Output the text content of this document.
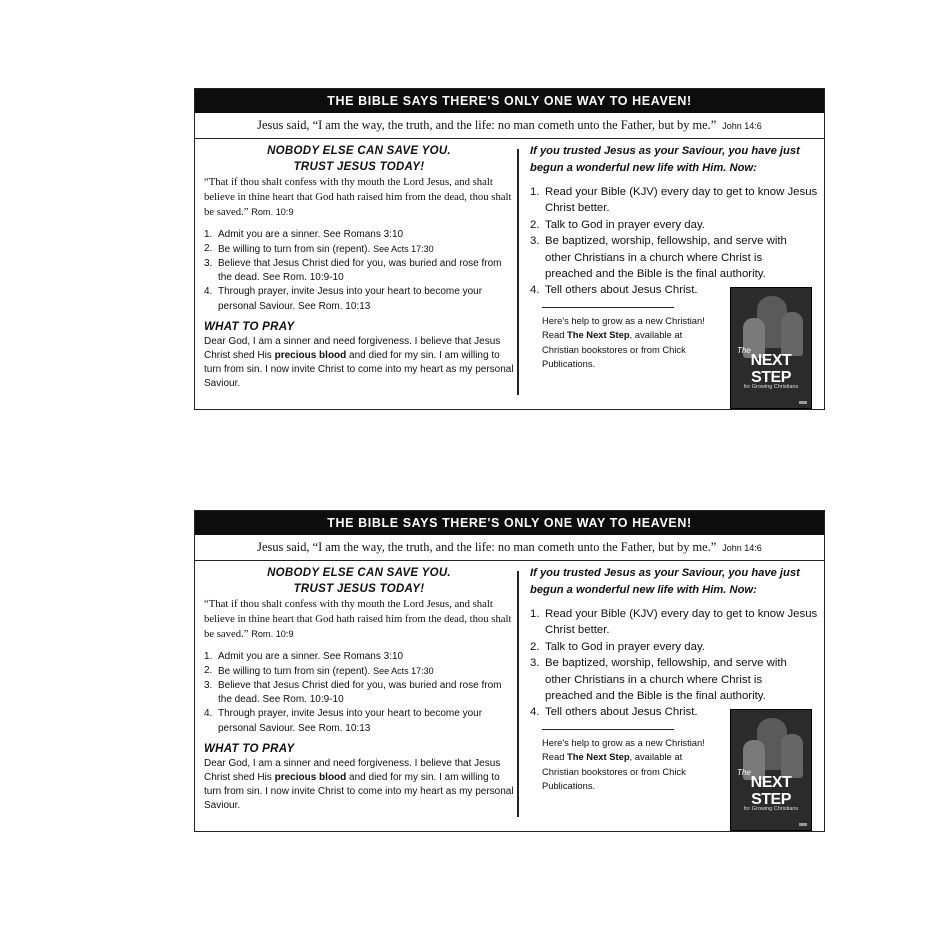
THE BIBLE SAYS THERE'S ONLY ONE WAY TO HEAVEN!
Jesus said, “I am the way, the truth, and the life: no man cometh unto the Father, but by me.” John 14:6
NOBODY ELSE CAN SAVE YOU.
TRUST JESUS TODAY!
“That if thou shalt confess with thy mouth the Lord Jesus, and shalt believe in thine heart that God hath raised him from the dead, thou shalt be saved.” Rom. 10:9
1. Admit you are a sinner. See Romans 3:10
2. Be willing to turn from sin (repent). See Acts 17:30
3. Believe that Jesus Christ died for you, was buried and rose from the dead. See Rom. 10:9-10
4. Through prayer, invite Jesus into your heart to become your personal Saviour. See Rom. 10:13
WHAT TO PRAY
Dear God, I am a sinner and need forgiveness. I believe that Jesus Christ shed His precious blood and died for my sin. I am willing to turn from sin. I now invite Christ to come into my heart as my personal Saviour.
If you trusted Jesus as your Saviour, you have just begun a wonderful new life with Him. Now:
1. Read your Bible (KJV) every day to get to know Jesus Christ better.
2. Talk to God in prayer every day.
3. Be baptized, worship, fellowship, and serve with other Christians in a church where Christ is preached and the Bible is the final authority.
4. Tell others about Jesus Christ.
Here's help to grow as a new Christian! Read The Next Step, available at Christian bookstores or from Chick Publications.
The
NEXT STEP
for Growing Christians
THE BIBLE SAYS THERE'S ONLY ONE WAY TO HEAVEN!
Jesus said, “I am the way, the truth, and the life: no man cometh unto the Father, but by me.” John 14:6
NOBODY ELSE CAN SAVE YOU.
TRUST JESUS TODAY!
“That if thou shalt confess with thy mouth the Lord Jesus, and shalt believe in thine heart that God hath raised him from the dead, thou shalt be saved.” Rom. 10:9
1. Admit you are a sinner. See Romans 3:10
2. Be willing to turn from sin (repent). See Acts 17:30
3. Believe that Jesus Christ died for you, was buried and rose from the dead. See Rom. 10:9-10
4. Through prayer, invite Jesus into your heart to become your personal Saviour. See Rom. 10:13
WHAT TO PRAY
Dear God, I am a sinner and need forgiveness. I believe that Jesus Christ shed His precious blood and died for my sin. I am willing to turn from sin. I now invite Christ to come into my heart as my personal Saviour.
If you trusted Jesus as your Saviour, you have just begun a wonderful new life with Him. Now:
1. Read your Bible (KJV) every day to get to know Jesus Christ better.
2. Talk to God in prayer every day.
3. Be baptized, worship, fellowship, and serve with other Christians in a church where Christ is preached and the Bible is the final authority.
4. Tell others about Jesus Christ.
Here's help to grow as a new Christian! Read The Next Step, available at Christian bookstores or from Chick Publications.
The
NEXT STEP
for Growing Christians
